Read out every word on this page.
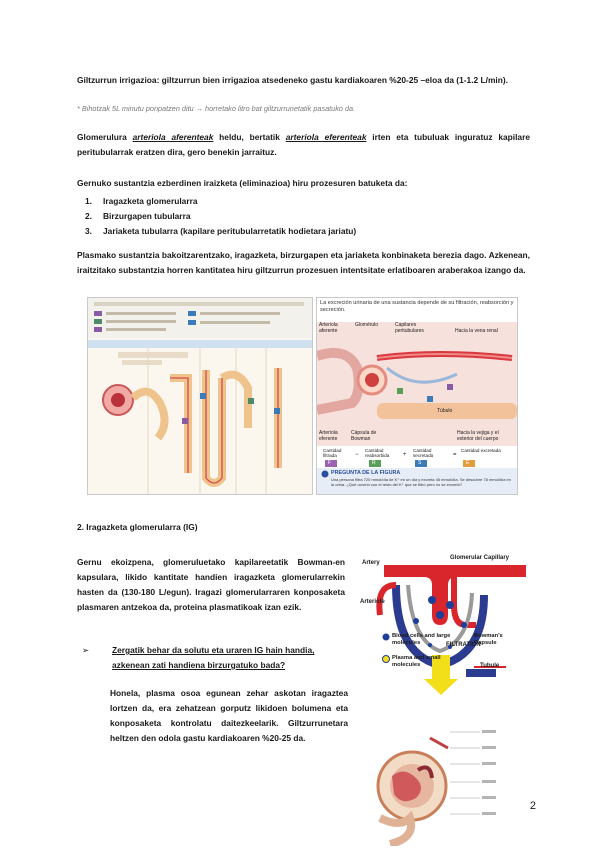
Giltzurrun irrigazioa: giltzurrun bien irrigazioa atsedeneko gastu kardiakoaren %20-25 –eloa da (1-1.2 L/min).
* Bihotzak 5L minutu ponpatzen ditu → horretako litro bat giltzurrunetatik pasatuko da.
Glomerulura arteriola aferenteak heldu, bertatik arteriola eferenteak irten eta tubuluak inguratuz kapilare peritubularrak eratzen dira, gero benekin jarraituz.
Gernuko sustantzia ezberdinen iraizketa (eliminazioa) hiru prozesuren batuketa da:
1. Iragazketa glomerularra
2. Birzurgapen tubularra
3. Jariaketa tubularra (kapilare peritubularretatik hodietara jariatu)
Plasmako sustantzia bakoitzarentzako, iragazketa, birzurgapen eta jariaketa konbinaketa berezia dago. Azkenean, iraitzitako substantzia horren kantitatea hiru giltzurrun prozesuen intentsitate erlatiboaren araberakoa izango da.
La excreción urinaria de una sustancia depende de su filtración, reabsorción y secreción.
Arteriola aferente
Glomérulo	Capilares peritubulares	Hacia la vena renal
Túbulo
Arteriola eferente
Cápsula de Bowman
Hacia la vejiga y el exterior del cuerpo
Cantidad filtrada	−
Cantidad reabsorbida	+
Cantidad secretada	=
Cantidad excretada
F	R	S	E
PREGUNTA DE LA FIGURA
Una persona filtra 720 mmol/día de K⁺ en un día y excreta 45 mmol/día. Se descubre 78 mmol/día en la orina. ¿Qué ocurrió con el resto del K⁺ que se filtró pero no se excretó?
2. Iragazketa glomerularra (IG)
Gernu ekoizpena, glomeruluetako kapilareetatik Bowman-en kapsulara, likido kantitate handien iragazketa glomerularrekin hasten da (130-180 L/egun). Iragazi glomerularraren konposaketa plasmaren antzekoa da, proteina plasmatikoak izan ezik.
➢	Zergatik behar da solutu eta uraren IG hain handia, azkenean zati handiena birzurgatuko bada?
Honela, plasma osoa egunean zehar askotan iragaztea lortzen da, era zehatzean gorputz likidoen bolumena eta konposaketa kontrolatu daitezkeelarik. Giltzurrunetara heltzen den odola gastu kardiakoaren %20-25 da.
Artery
Glomerular Capillary
Arteriole
Blood cells and large molecules
Bowman's Capsule
FILTRATION
Plasma and small molecules	Tubule
2
